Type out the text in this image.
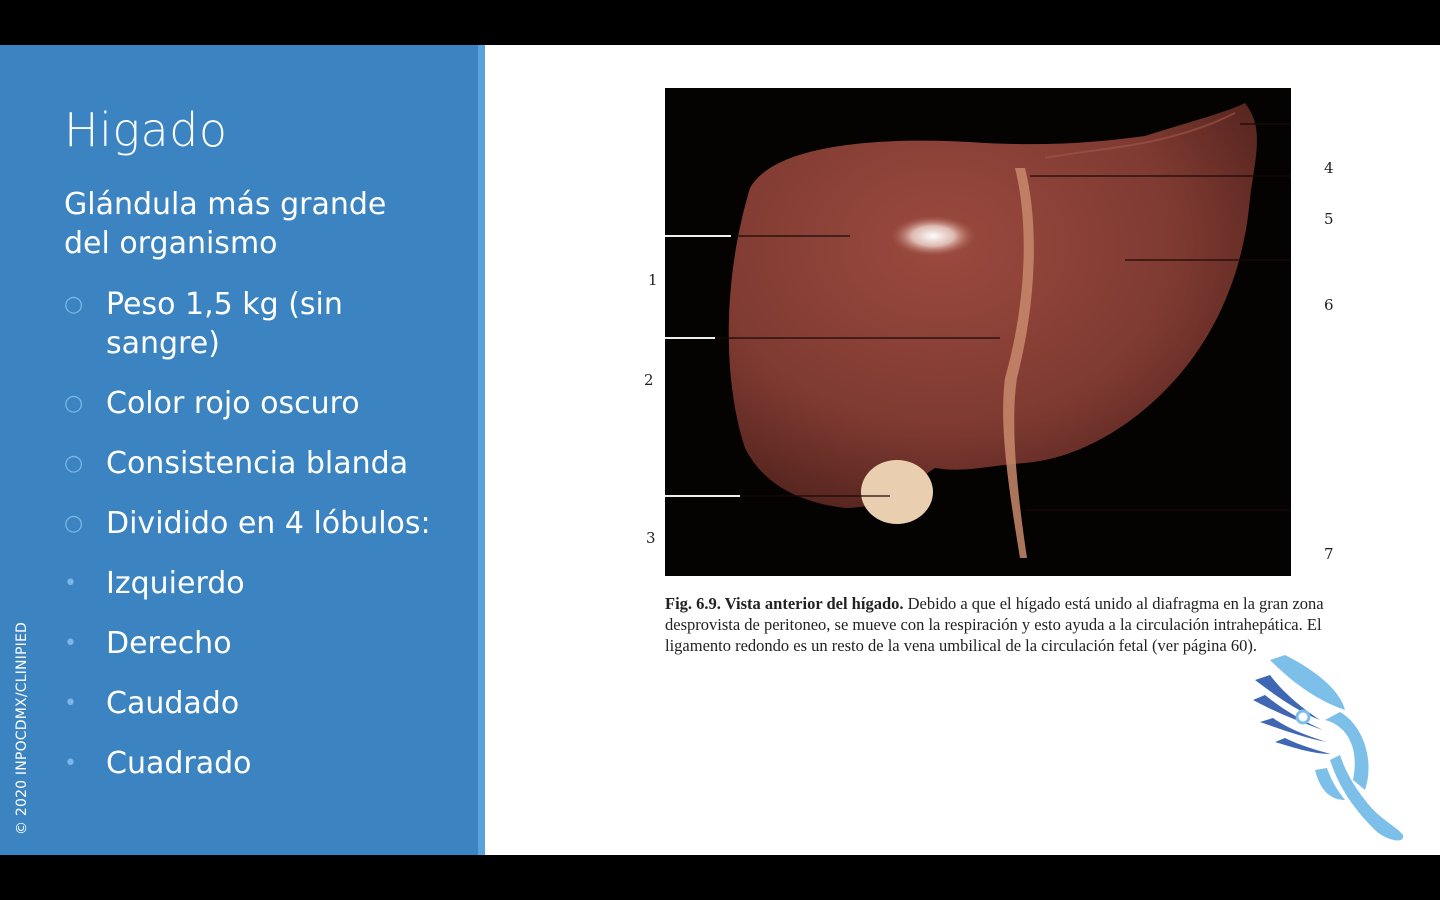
Higado
Glándula más grande del organismo
○ Peso 1,5 kg (sin sangre)
○ Color rojo oscuro
○ Consistencia blanda
○ Dividido en 4 lóbulos:
• Izquierdo
• Derecho
• Caudado
• Cuadrado
© 2020 INPOCDMX/CLINIPIED
1
2
3
4
5
6
7
Fig. 6.9. Vista anterior del hígado. Debido a que el hígado está unido al diafragma en la gran zona desprovista de peritoneo, se mueve con la respiración y esto ayuda a la circulación intrahepática. El ligamento redondo es un resto de la vena umbilical de la circulación fetal (ver página 60).
